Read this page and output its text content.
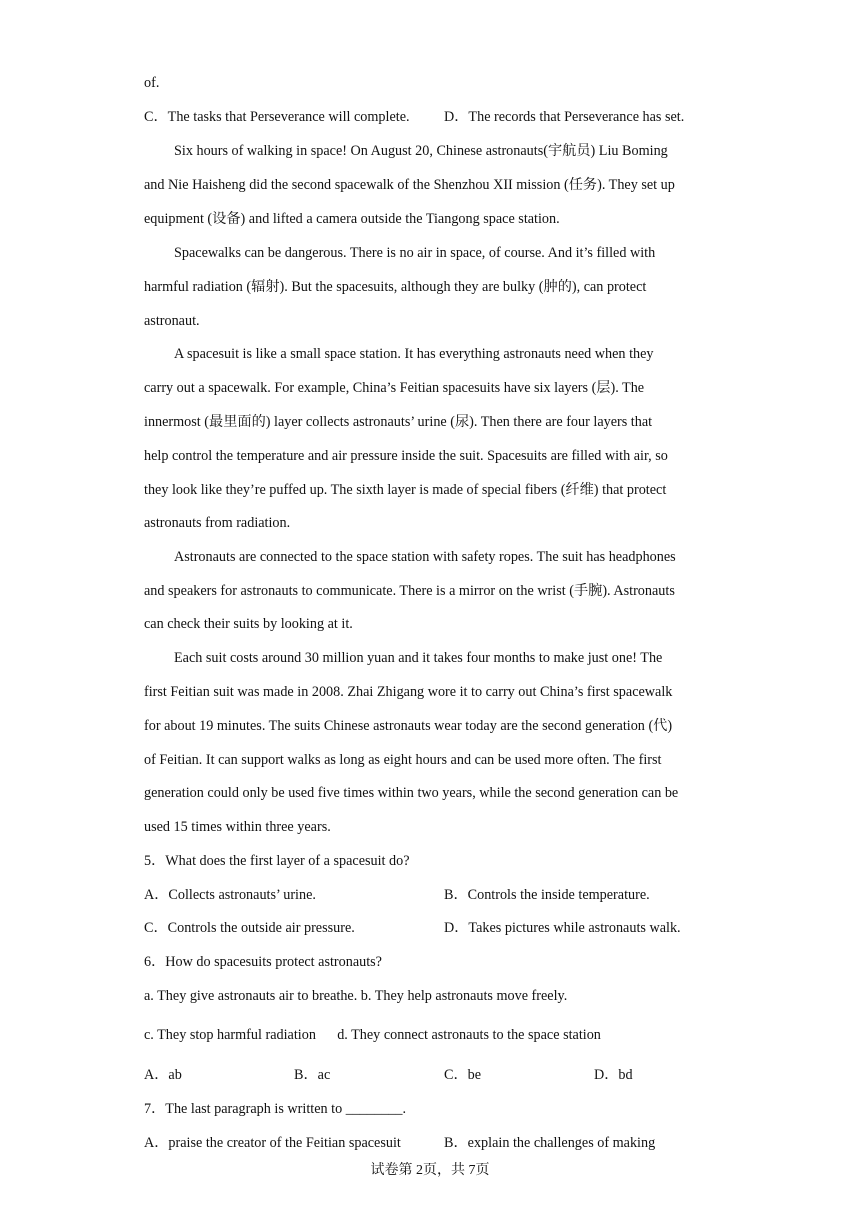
of.
C．The tasks that Perseverance will complete. D．The records that Perseverance has set.
Six hours of walking in space! On August 20, Chinese astronauts(宇航员) Liu Boming
and Nie Haisheng did the second spacewalk of the Shenzhou XII mission (任务). They set up
equipment (设备) and lifted a camera outside the Tiangong space station.
Spacewalks can be dangerous. There is no air in space, of course. And it’s filled with
harmful radiation (辐射). But the spacesuits, although they are bulky (肿的), can protect
astronaut.
A spacesuit is like a small space station. It has everything astronauts need when they
carry out a spacewalk. For example, China’s Feitian spacesuits have six layers (层). The
innermost (最里面的) layer collects astronauts’ urine (尿). Then there are four layers that
help control the temperature and air pressure inside the suit. Spacesuits are filled with air, so
they look like they’re puffed up. The sixth layer is made of special fibers (纤维) that protect
astronauts from radiation.
Astronauts are connected to the space station with safety ropes. The suit has headphones
and speakers for astronauts to communicate. There is a mirror on the wrist (手腕). Astronauts
can check their suits by looking at it.
Each suit costs around 30 million yuan and it takes four months to make just one! The
first Feitian suit was made in 2008. Zhai Zhigang wore it to carry out China’s first spacewalk
for about 19 minutes. The suits Chinese astronauts wear today are the second generation (代)
of Feitian. It can support walks as long as eight hours and can be used more often. The first
generation could only be used five times within two years, while the second generation can be
used 15 times within three years.
5．What does the first layer of a spacesuit do?
A．Collects astronauts’ urine.	B．Controls the inside temperature.
C．Controls the outside air pressure.	D．Takes pictures while astronauts walk.
6．How do spacesuits protect astronauts?
a. They give astronauts air to breathe. b. They help astronauts move freely.
c. They stop harmful radiation      d. They connect astronauts to the space station
A．ab	B．ac	C．be	D．bd
7．The last paragraph is written to ________.
A．praise the creator of the Feitian spacesuit	B．explain the challenges of making
试卷第 2页，共 7页
